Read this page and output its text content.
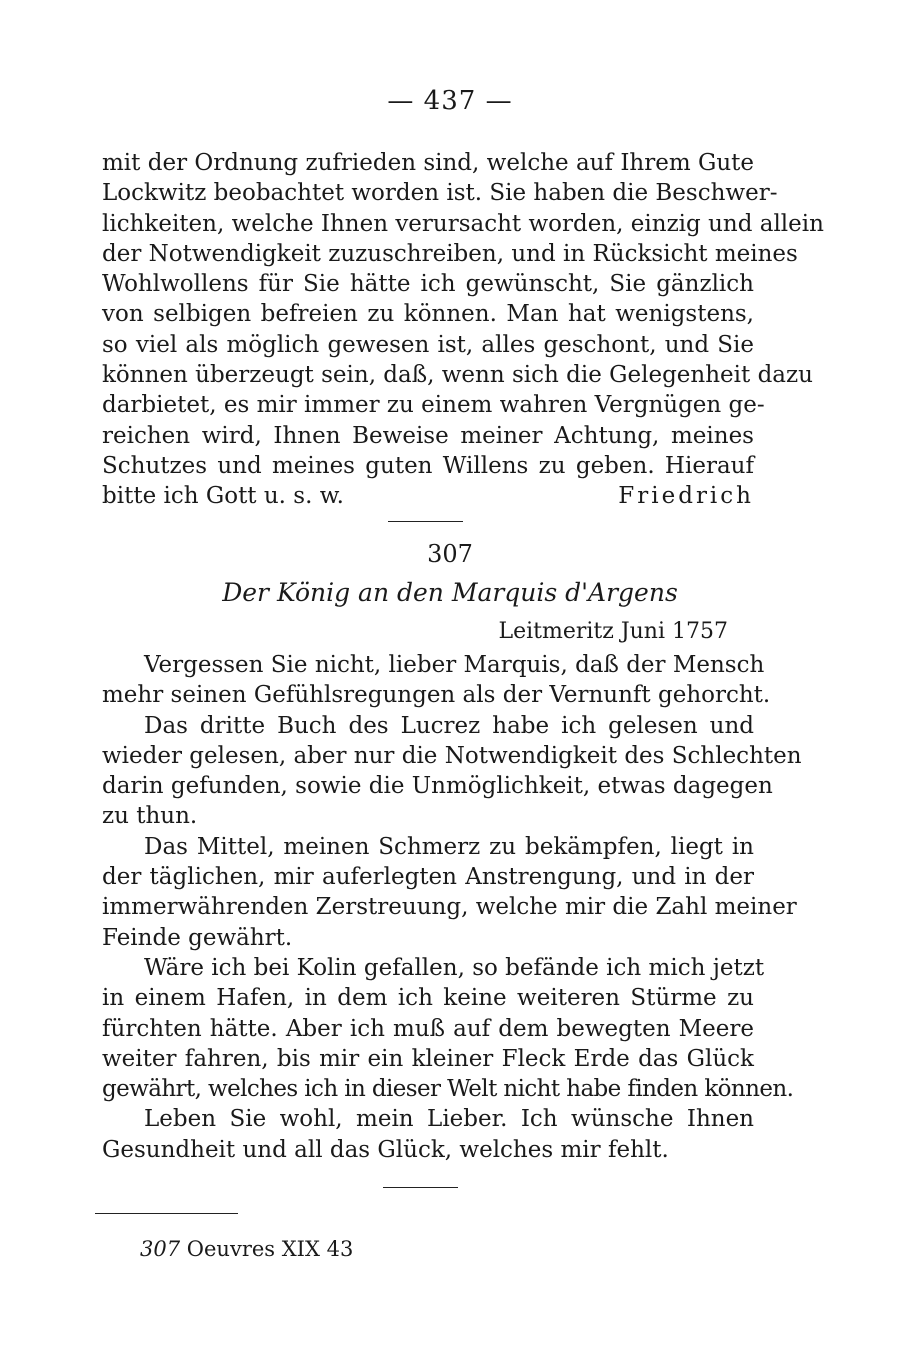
— 437 —
mit der Ordnung zufrieden sind, welche auf Ihrem Gute
Lockwitz beobachtet worden ist. Sie haben die Beschwer-
lichkeiten, welche Ihnen verursacht worden, einzig und allein
der Notwendigkeit zuzuschreiben, und in Rücksicht meines
Wohlwollens für Sie hätte ich gewünscht, Sie gänzlich
von selbigen befreien zu können. Man hat wenigstens,
so viel als möglich gewesen ist, alles geschont, und Sie
können überzeugt sein, daß, wenn sich die Gelegenheit dazu
darbietet, es mir immer zu einem wahren Vergnügen ge-
reichen wird, Ihnen Beweise meiner Achtung, meines
Schutzes und meines guten Willens zu geben. Hierauf
bitte ich Gott u. s. w.	Friedrich
307
Der König an den Marquis d'Argens
Leitmeritz Juni 1757
Vergessen Sie nicht, lieber Marquis, daß der Mensch
mehr seinen Gefühlsregungen als der Vernunft gehorcht.
Das dritte Buch des Lucrez habe ich gelesen und
wieder gelesen, aber nur die Notwendigkeit des Schlechten
darin gefunden, sowie die Unmöglichkeit, etwas dagegen
zu thun.
Das Mittel, meinen Schmerz zu bekämpfen, liegt in
der täglichen, mir auferlegten Anstrengung, und in der
immerwährenden Zerstreuung, welche mir die Zahl meiner
Feinde gewährt.
Wäre ich bei Kolin gefallen, so befände ich mich jetzt
in einem Hafen, in dem ich keine weiteren Stürme zu
fürchten hätte. Aber ich muß auf dem bewegten Meere
weiter fahren, bis mir ein kleiner Fleck Erde das Glück
gewährt, welches ich in dieser Welt nicht habe finden können.
Leben Sie wohl, mein Lieber. Ich wünsche Ihnen
Gesundheit und all das Glück, welches mir fehlt.
307 Oeuvres XIX 43
